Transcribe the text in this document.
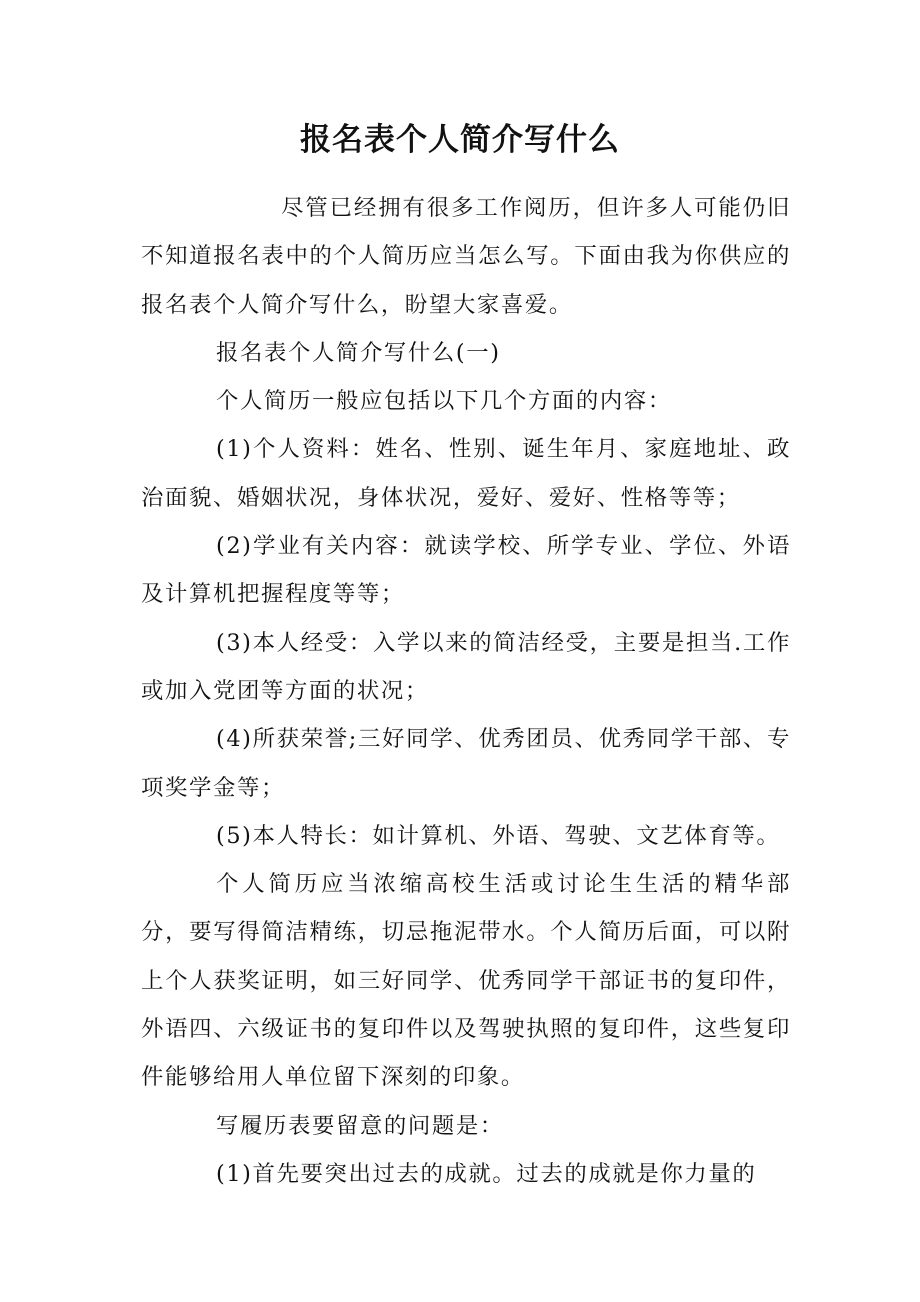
报名表个人简介写什么

尽管已经拥有很多工作阅历，但许多人可能仍旧不知道报名表中的个人简历应当怎么写。下面由我为你供应的报名表个人简介写什么，盼望大家喜爱。

报名表个人简介写什么(一)

个人简历一般应包括以下几个方面的内容：

(1)个人资料：姓名、性别、诞生年月、家庭地址、政治面貌、婚姻状况，身体状况，爱好、爱好、性格等等；

(2)学业有关内容：就读学校、所学专业、学位、外语及计算机把握程度等等；

(3)本人经受：入学以来的简洁经受，主要是担当.工作或加入党团等方面的状况；

(4)所获荣誉;三好同学、优秀团员、优秀同学干部、专项奖学金等；

(5)本人特长：如计算机、外语、驾驶、文艺体育等。

个人简历应当浓缩高校生活或讨论生生活的精华部分，要写得简洁精练，切忌拖泥带水。个人简历后面，可以附上个人获奖证明，如三好同学、优秀同学干部证书的复印件，外语四、六级证书的复印件以及驾驶执照的复印件，这些复印件能够给用人单位留下深刻的印象。

写履历表要留意的问题是：

(1)首先要突出过去的成就。过去的成就是你力量的
